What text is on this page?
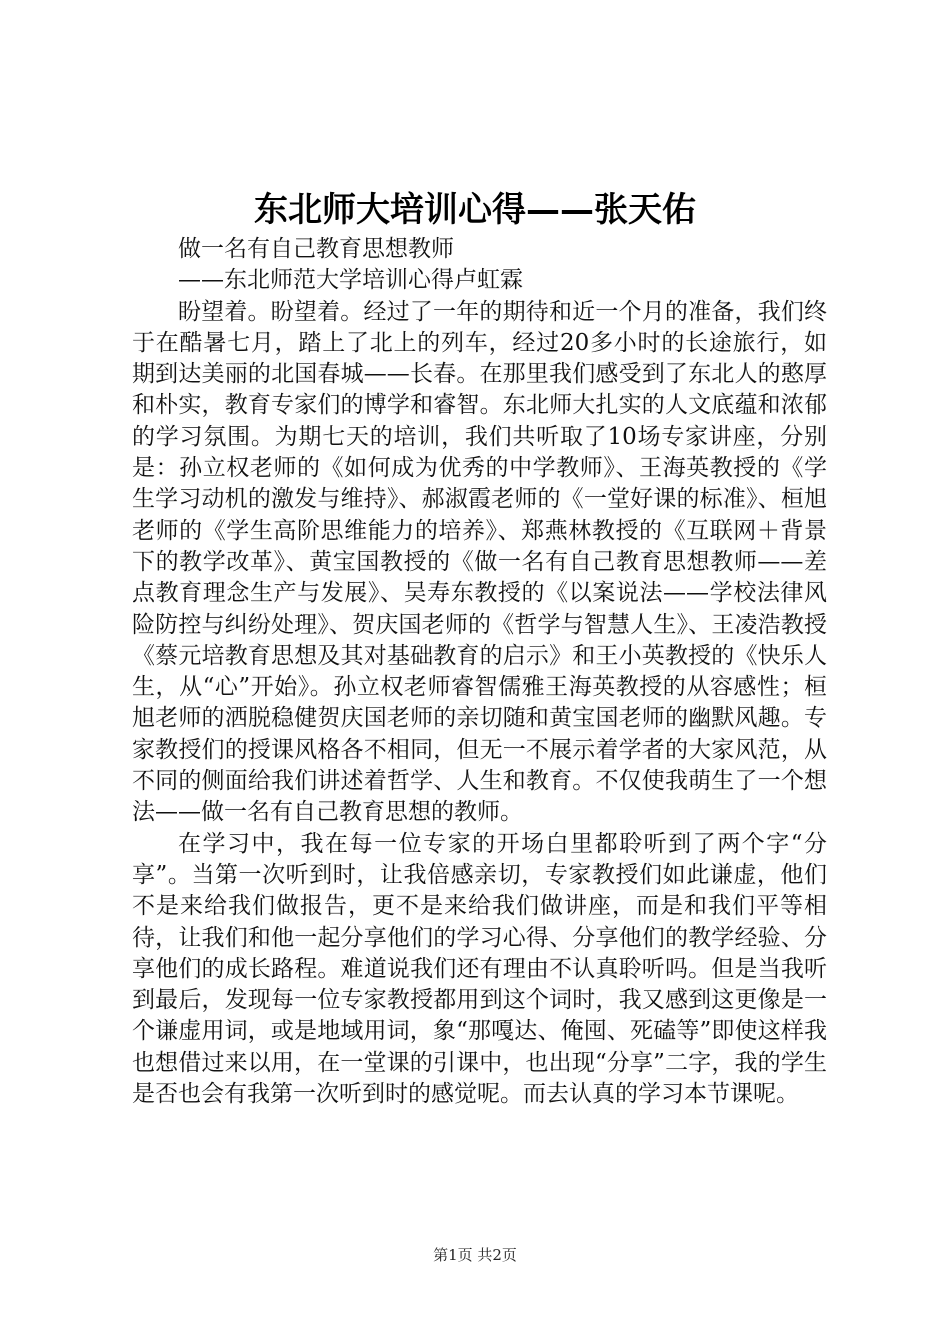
东北师大培训心得——张天佑

做一名有自己教育思想教师

——东北师范大学培训心得卢虹霖

盼望着。盼望着。经过了一年的期待和近一个月的准备，我们终于在酷暑七月，踏上了北上的列车，经过20多小时的长途旅行，如期到达美丽的北国春城——长春。在那里我们感受到了东北人的憨厚和朴实，教育专家们的博学和睿智。东北师大扎实的人文底蕴和浓郁的学习氛围。为期七天的培训，我们共听取了10场专家讲座，分别是：孙立权老师的《如何成为优秀的中学教师》、王海英教授的《学生学习动机的激发与维持》、郝淑霞老师的《一堂好课的标准》、桓旭老师的《学生高阶思维能力的培养》、郑燕林教授的《互联网＋背景下的教学改革》、黄宝国教授的《做一名有自己教育思想教师——差点教育理念生产与发展》、吴寿东教授的《以案说法——学校法律风险防控与纠纷处理》、贺庆国老师的《哲学与智慧人生》、王凌浩教授《蔡元培教育思想及其对基础教育的启示》和王小英教授的《快乐人生，从“心”开始》。孙立权老师睿智儒雅王海英教授的从容感性；桓旭老师的洒脱稳健贺庆国老师的亲切随和黄宝国老师的幽默风趣。专家教授们的授课风格各不相同，但无一不展示着学者的大家风范，从不同的侧面给我们讲述着哲学、人生和教育。不仅使我萌生了一个想法——做一名有自己教育思想的教师。

在学习中，我在每一位专家的开场白里都聆听到了两个字“分享”。当第一次听到时，让我倍感亲切，专家教授们如此谦虚，他们不是来给我们做报告，更不是来给我们做讲座，而是和我们平等相待，让我们和他一起分享他们的学习心得、分享他们的教学经验、分享他们的成长路程。难道说我们还有理由不认真聆听吗。但是当我听到最后，发现每一位专家教授都用到这个词时，我又感到这更像是一个谦虚用词，或是地域用词，象“那嘎达、俺囤、死磕等”即使这样我也想借过来以用，在一堂课的引课中，也出现“分享”二字，我的学生是否也会有我第一次听到时的感觉呢。而去认真的学习本节课呢。

第1页 共2页
